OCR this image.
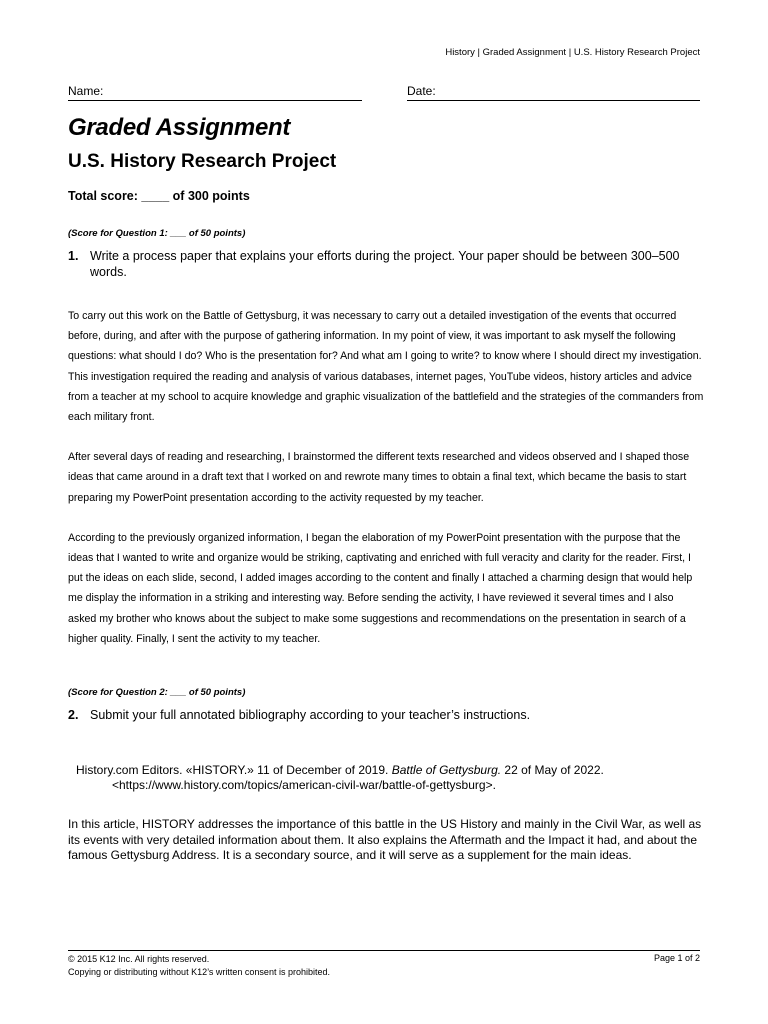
History | Graded Assignment | U.S. History Research Project
Name:	Date:
Graded Assignment
U.S. History Research Project
Total score: ____ of 300 points
(Score for Question 1: ___ of 50 points)
1. Write a process paper that explains your efforts during the project. Your paper should be between 300–500 words.

To carry out this work on the Battle of Gettysburg, it was necessary to carry out a detailed investigation of the events that occurred before, during, and after with the purpose of gathering information. In my point of view, it was important to ask myself the following questions: what should I do? Who is the presentation for? And what am I going to write? to know where I should direct my investigation. This investigation required the reading and analysis of various databases, internet pages, YouTube videos, history articles and advice from a teacher at my school to acquire knowledge and graphic visualization of the battlefield and the strategies of the commanders from each military front.

After several days of reading and researching, I brainstormed the different texts researched and videos observed and I shaped those ideas that came around in a draft text that I worked on and rewrote many times to obtain a final text, which became the basis to start preparing my PowerPoint presentation according to the activity requested by my teacher.

According to the previously organized information, I began the elaboration of my PowerPoint presentation with the purpose that the ideas that I wanted to write and organize would be striking, captivating and enriched with full veracity and clarity for the reader. First, I put the ideas on each slide, second, I added images according to the content and finally I attached a charming design that would help me display the information in a striking and interesting way. Before sending the activity, I have reviewed it several times and I also asked my brother who knows about the subject to make some suggestions and recommendations on the presentation in search of a higher quality. Finally, I sent the activity to my teacher.

(Score for Question 2: ___ of 50 points)
2. Submit your full annotated bibliography according to your teacher’s instructions.
History.com Editors. «HISTORY.» 11 of December of 2019. Battle of Gettysburg. 22 of May of 2022. <https://www.history.com/topics/american-civil-war/battle-of-gettysburg>.
In this article, HISTORY addresses the importance of this battle in the US History and mainly in the Civil War, as well as its events with very detailed information about them. It also explains the Aftermath and the Impact it had, and about the famous Gettysburg Address. It is a secondary source, and it will serve as a supplement for the main ideas.
© 2015 K12 Inc. All rights reserved.
Copying or distributing without K12’s written consent is prohibited.
Page 1 of 2
